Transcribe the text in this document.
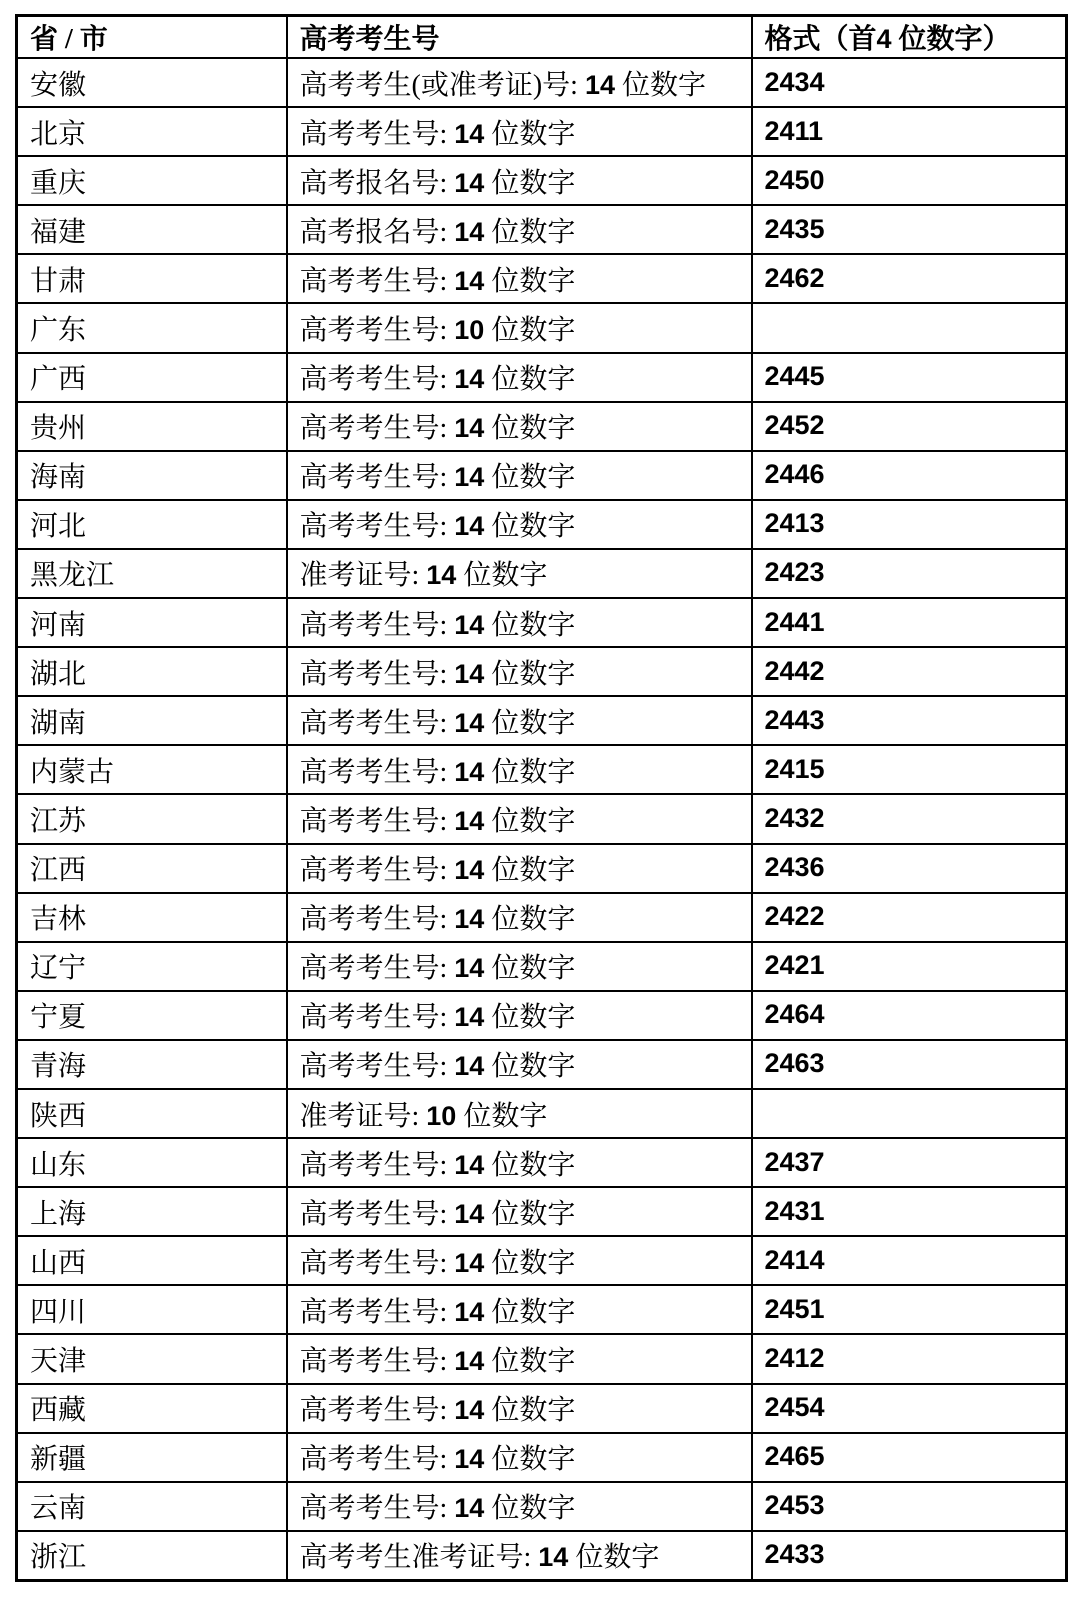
省 / 市	高考考生号	格式（首4 位数字）
安徽	高考考生(或准考证)号: 14 位数字	2434
北京	高考考生号: 14 位数字	2411
重庆	高考报名号: 14 位数字	2450
福建	高考报名号: 14 位数字	2435
甘肃	高考考生号: 14 位数字	2462
广东	高考考生号: 10 位数字	
广西	高考考生号: 14 位数字	2445
贵州	高考考生号: 14 位数字	2452
海南	高考考生号: 14 位数字	2446
河北	高考考生号: 14 位数字	2413
黑龙江	准考证号: 14 位数字	2423
河南	高考考生号: 14 位数字	2441
湖北	高考考生号: 14 位数字	2442
湖南	高考考生号: 14 位数字	2443
内蒙古	高考考生号: 14 位数字	2415
江苏	高考考生号: 14 位数字	2432
江西	高考考生号: 14 位数字	2436
吉林	高考考生号: 14 位数字	2422
辽宁	高考考生号: 14 位数字	2421
宁夏	高考考生号: 14 位数字	2464
青海	高考考生号: 14 位数字	2463
陕西	准考证号: 10 位数字	
山东	高考考生号: 14 位数字	2437
上海	高考考生号: 14 位数字	2431
山西	高考考生号: 14 位数字	2414
四川	高考考生号: 14 位数字	2451
天津	高考考生号: 14 位数字	2412
西藏	高考考生号: 14 位数字	2454
新疆	高考考生号: 14 位数字	2465
云南	高考考生号: 14 位数字	2453
浙江	高考考生准考证号: 14 位数字	2433
